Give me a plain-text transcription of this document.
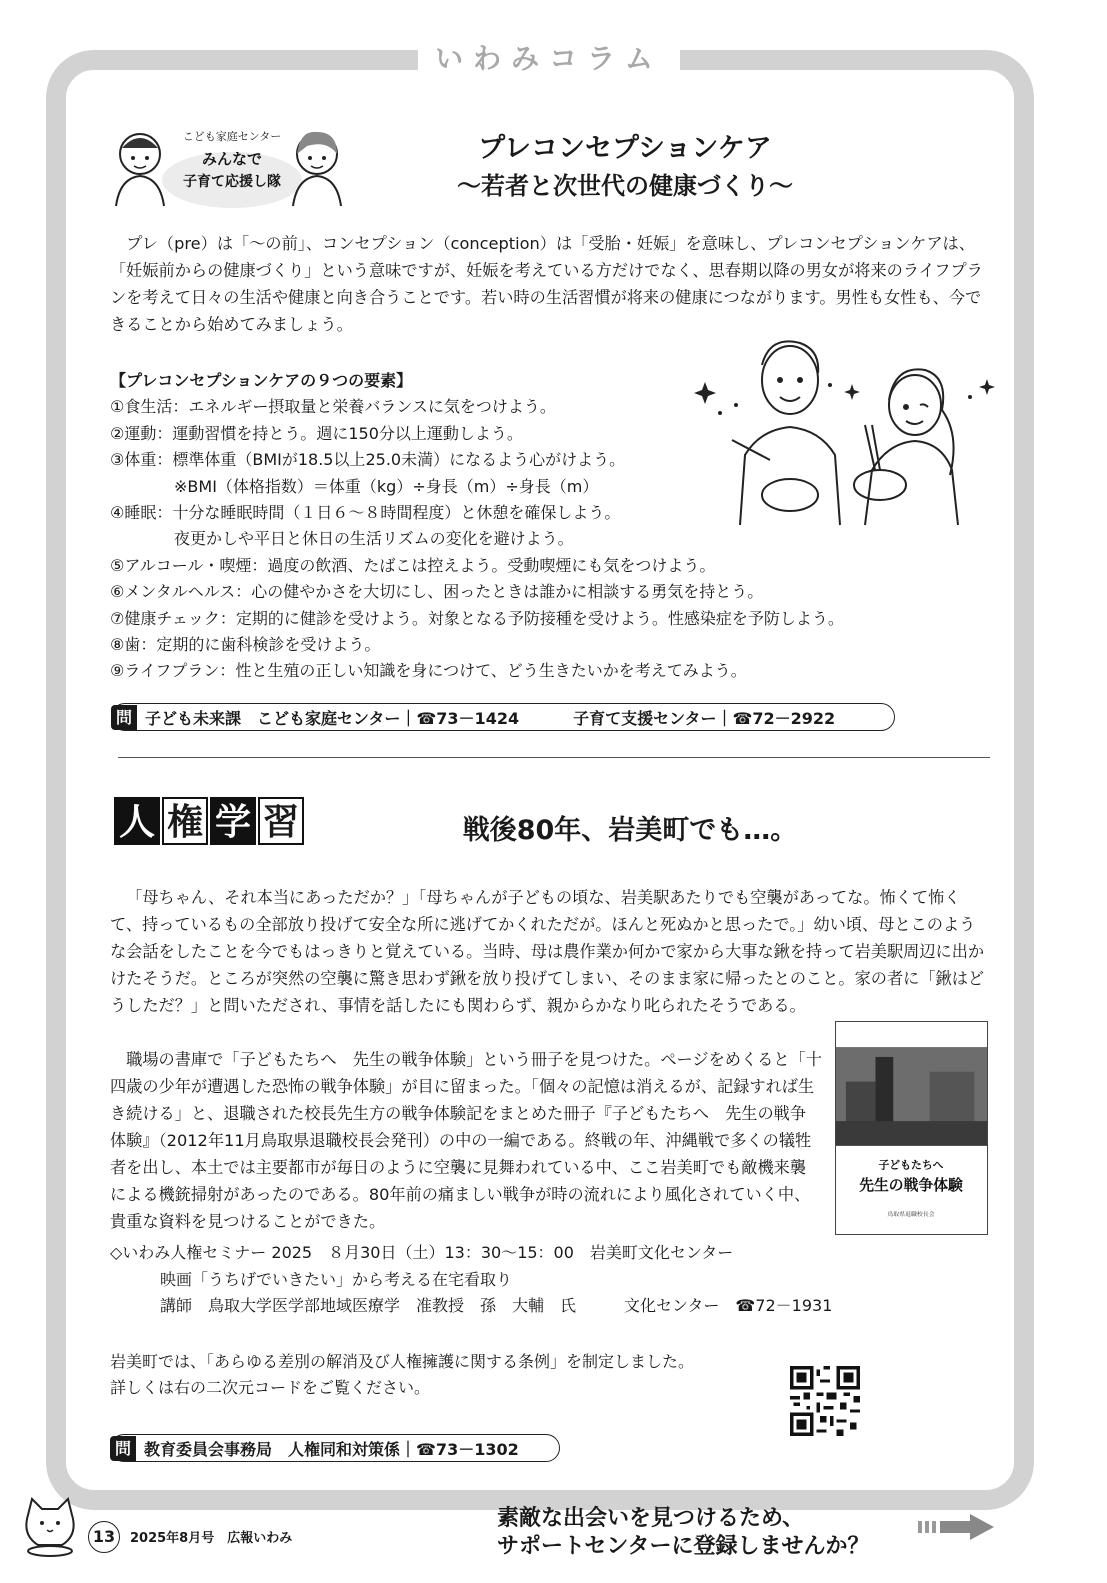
いわみコラム
こども家庭センター
みんなで
子育て応援し隊
プレコンセプションケア
～若者と次世代の健康づくり～

プレ（pre）は「～の前」、コンセプション（conception）は「受胎・妊娠」を意味し、プレコンセプションケアは、「妊娠前からの健康づくり」という意味ですが、妊娠を考えている方だけでなく、思春期以降の男女が将来のライフプランを考えて日々の生活や健康と向き合うことです。若い時の生活習慣が将来の健康につながります。男性も女性も、今できることから始めてみましょう。

【プレコンセプションケアの９つの要素】
①食生活：エネルギー摂取量と栄養バランスに気をつけよう。
②運動：運動習慣を持とう。週に150分以上運動しよう。
③体重：標準体重（BMIが18.5以上25.0未満）になるよう心がけよう。
※BMI（体格指数）＝体重（kg）÷身長（m）÷身長（m）
④睡眠：十分な睡眠時間（１日６～８時間程度）と休憩を確保しよう。
夜更かしや平日と休日の生活リズムの変化を避けよう。
⑤アルコール・喫煙：過度の飲酒、たばこは控えよう。受動喫煙にも気をつけよう。
⑥メンタルヘルス：心の健やかさを大切にし、困ったときは誰かに相談する勇気を持とう。
⑦健康チェック：定期的に健診を受けよう。対象となる予防接種を受けよう。性感染症を予防しよう。
⑧歯：定期的に歯科検診を受けよう。
⑨ライフプラン：性と生殖の正しい知識を身につけて、どう生きたいかを考えてみよう。
問 子ども未来課　こども家庭センター｜☎73－1424	子育て支援センター｜☎72－2922
人 権 学 習	戦後80年、岩美町でも…。

「母ちゃん、それ本当にあっただか？」「母ちゃんが子どもの頃な、岩美駅あたりでも空襲があってな。怖くて怖くて、持っているもの全部放り投げて安全な所に逃げてかくれただが。ほんと死ぬかと思ったで。」幼い頃、母とこのような会話をしたことを今でもはっきりと覚えている。当時、母は農作業か何かで家から大事な鍬を持って岩美駅周辺に出かけたそうだ。ところが突然の空襲に驚き思わず鍬を放り投げてしまい、そのまま家に帰ったとのこと。家の者に「鍬はどうしただ？」と問いただされ、事情を話したにも関わらず、親からかなり叱られたそうである。

職場の書庫で「子どもたちへ　先生の戦争体験」という冊子を見つけた。ぺージをめくると「十四歳の少年が遭遇した恐怖の戦争体験」が目に留まった。「個々の記憶は消えるが、記録すれば生き続ける」と、退職された校長先生方の戦争体験記をまとめた冊子『子どもたちへ　先生の戦争体験』（2012年11月鳥取県退職校長会発刊）の中の一編である。終戦の年、沖縄戦で多くの犠牲者を出し、本土では主要都市が毎日のように空襲に見舞われている中、ここ岩美町でも敵機来襲による機銃掃射があったのである。80年前の痛ましい戦争が時の流れにより風化されていく中、貴重な資料を見つけることができた。

子どもたちへ
先生の戦争体験
鳥取県退職校長会
◇いわみ人権セミナー 2025　８月30日（土）13：30～15：00　岩美町文化センター
映画「うちげでいきたい」から考える在宅看取り
講師　鳥取大学医学部地域医療学　准教授　孫　大輔　氏　　　文化センター　☎72－1931
岩美町では、「あらゆる差別の解消及び人権擁護に関する条例」を制定しました。
詳しくは右の二次元コードをご覧ください。
問 教育委員会事務局　人権同和対策係｜☎73－1302
13	2025年8月号　広報いわみ
素敵な出会いを見つけるため、
サポートセンターに登録しませんか？
